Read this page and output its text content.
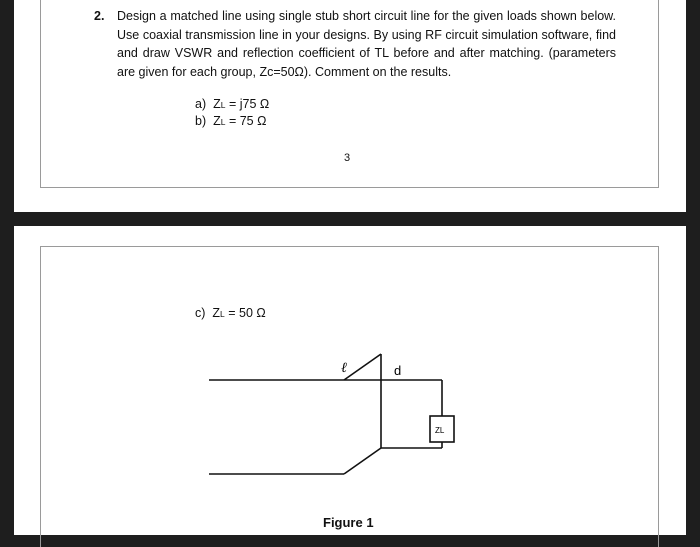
2. Design a matched line using single stub short circuit line for the given loads shown below. Use coaxial transmission line in your designs. By using RF circuit simulation software, find and draw VSWR and reflection coefficient of TL before and after matching. (parameters are given for each group, Zc=50Ω). Comment on the results.
a) ZL = j75 Ω
b) ZL = 75 Ω
3
c) ZL = 50 Ω
ℓ	d
ZL
Figure 1
